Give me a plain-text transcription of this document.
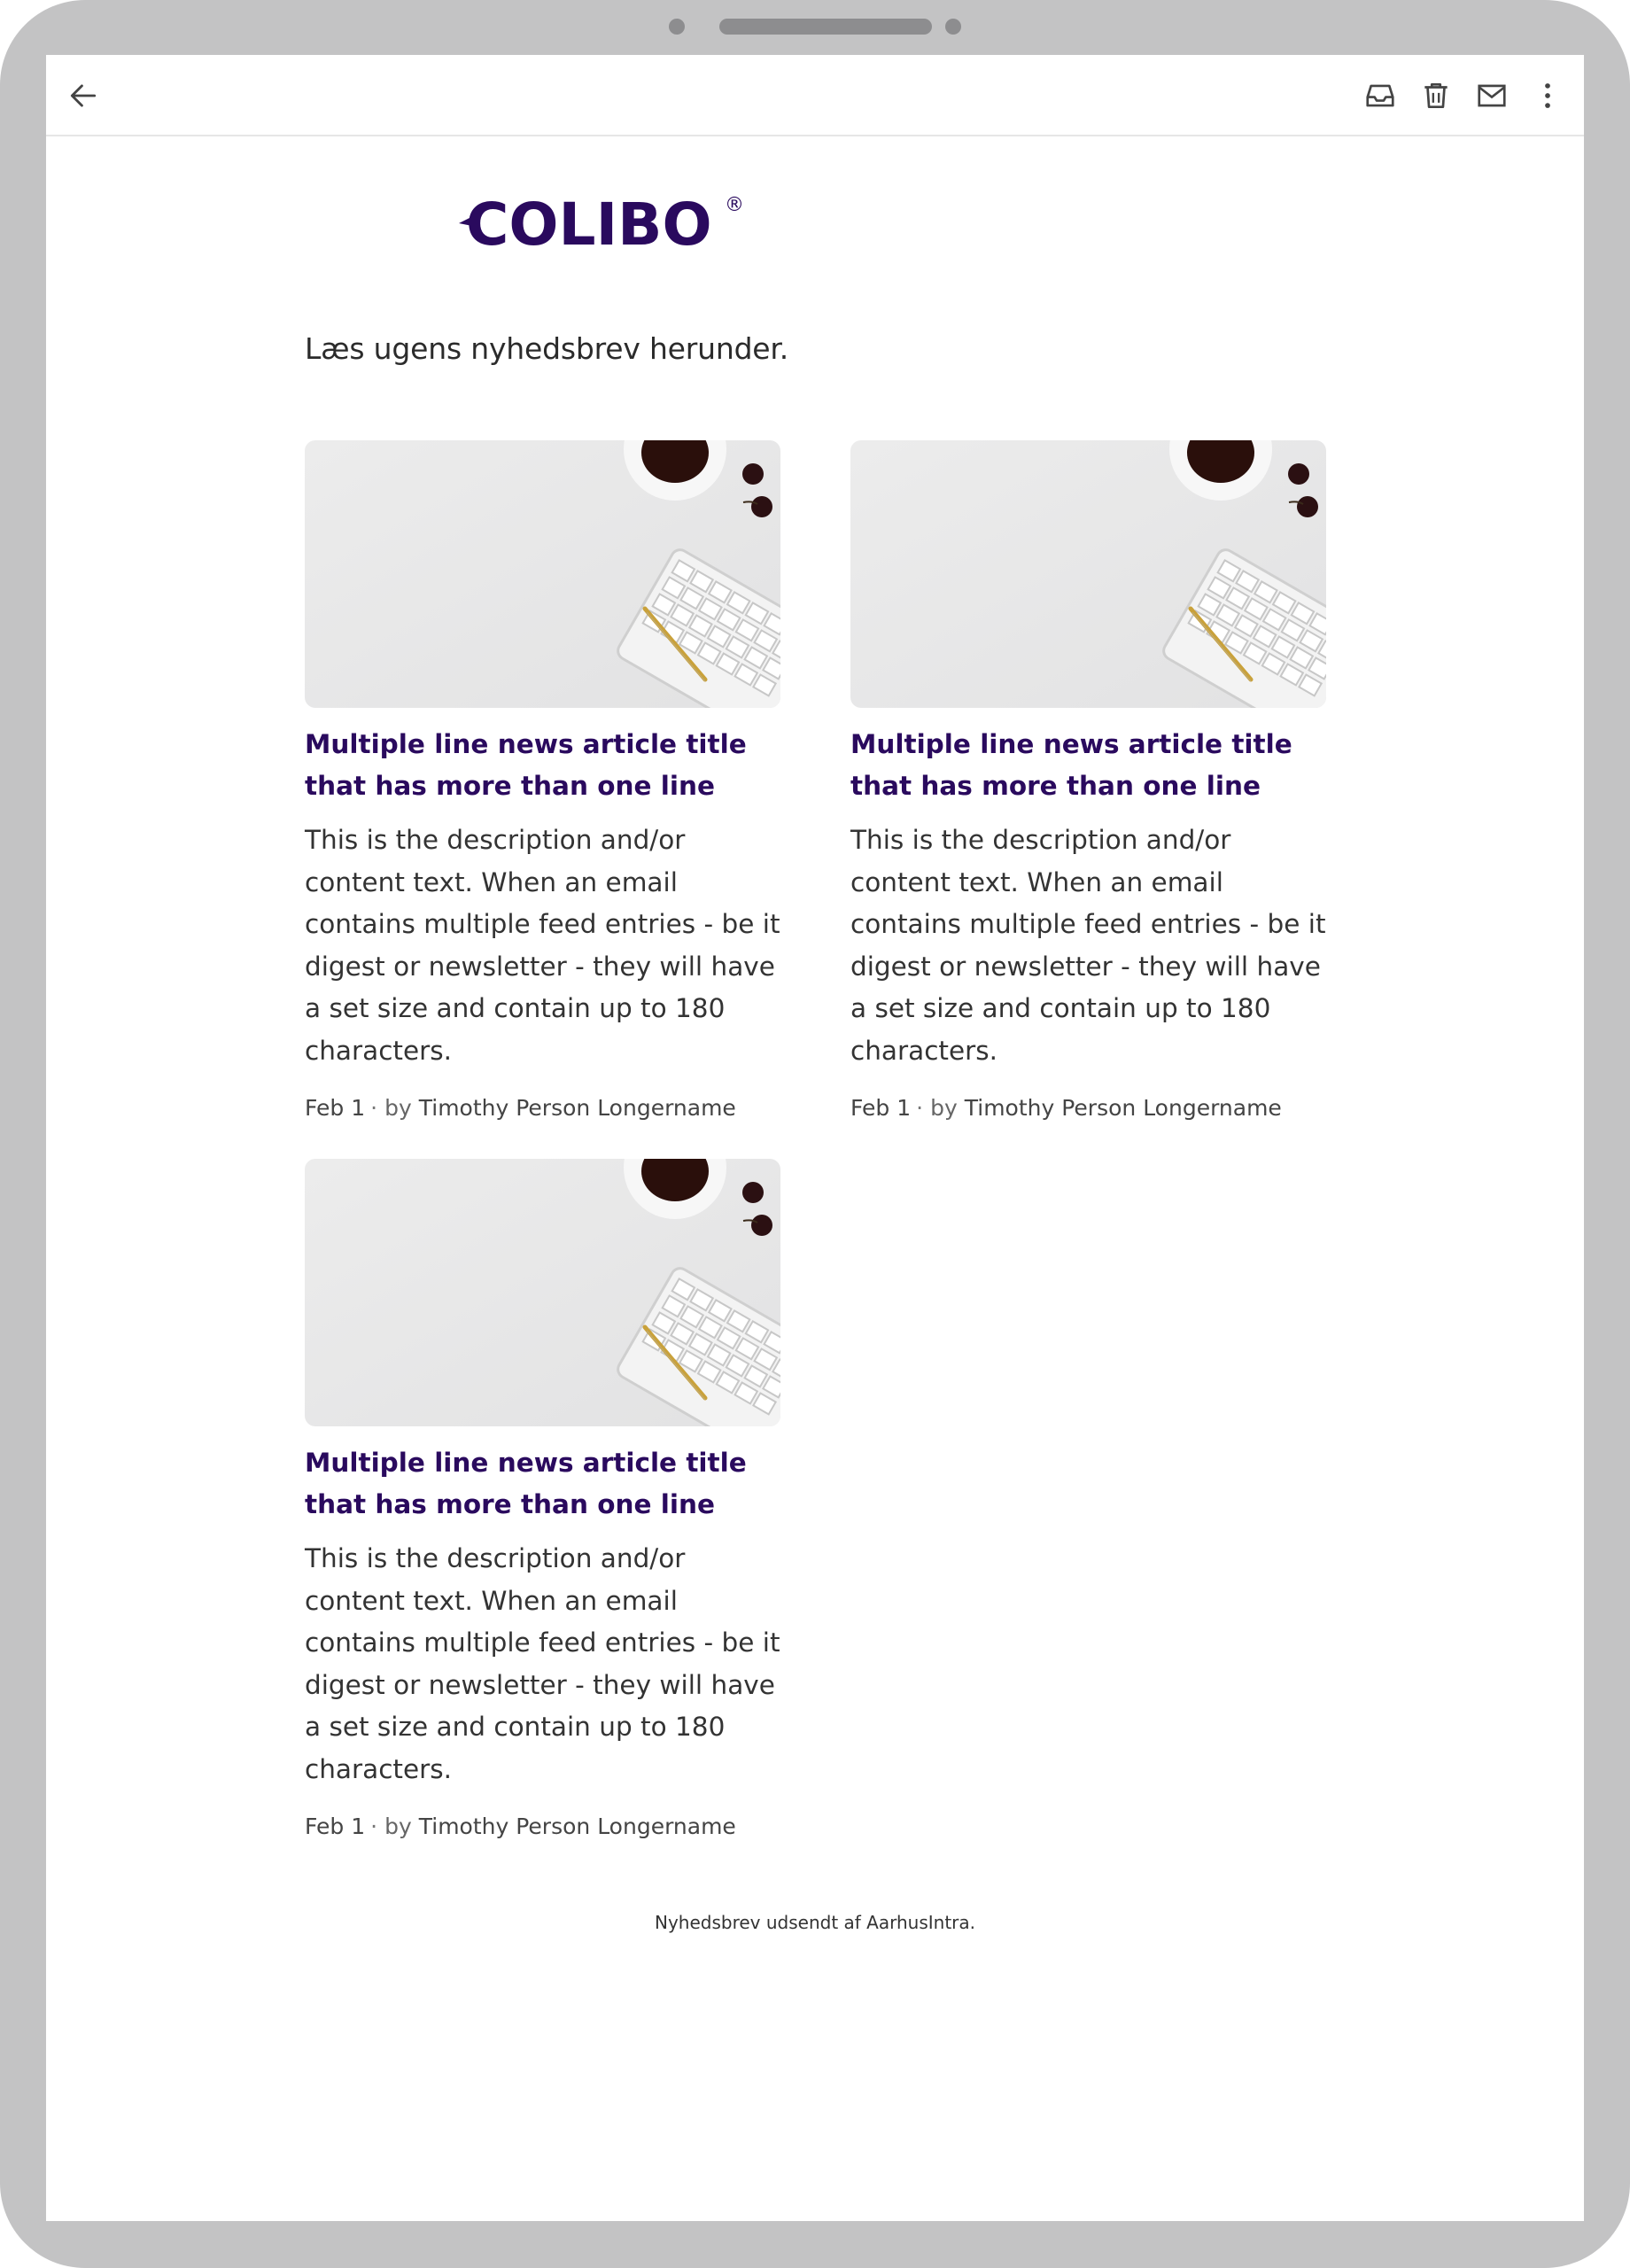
COLIBO ®
Læs ugens nyhedsbrev herunder.
Multiple line news article title that has more than one line
This is the description and/or content text. When an email contains multiple feed entries - be it digest or newsletter - they will have a set size and contain up to 180 characters.
Feb 1 · by Timothy Person Longername
Multiple line news article title that has more than one line
This is the description and/or content text. When an email contains multiple feed entries - be it digest or newsletter - they will have a set size and contain up to 180 characters.
Feb 1 · by Timothy Person Longername
Multiple line news article title that has more than one line
This is the description and/or content text. When an email contains multiple feed entries - be it digest or newsletter - they will have a set size and contain up to 180 characters.
Feb 1 · by Timothy Person Longername
Nyhedsbrev udsendt af AarhusIntra.
